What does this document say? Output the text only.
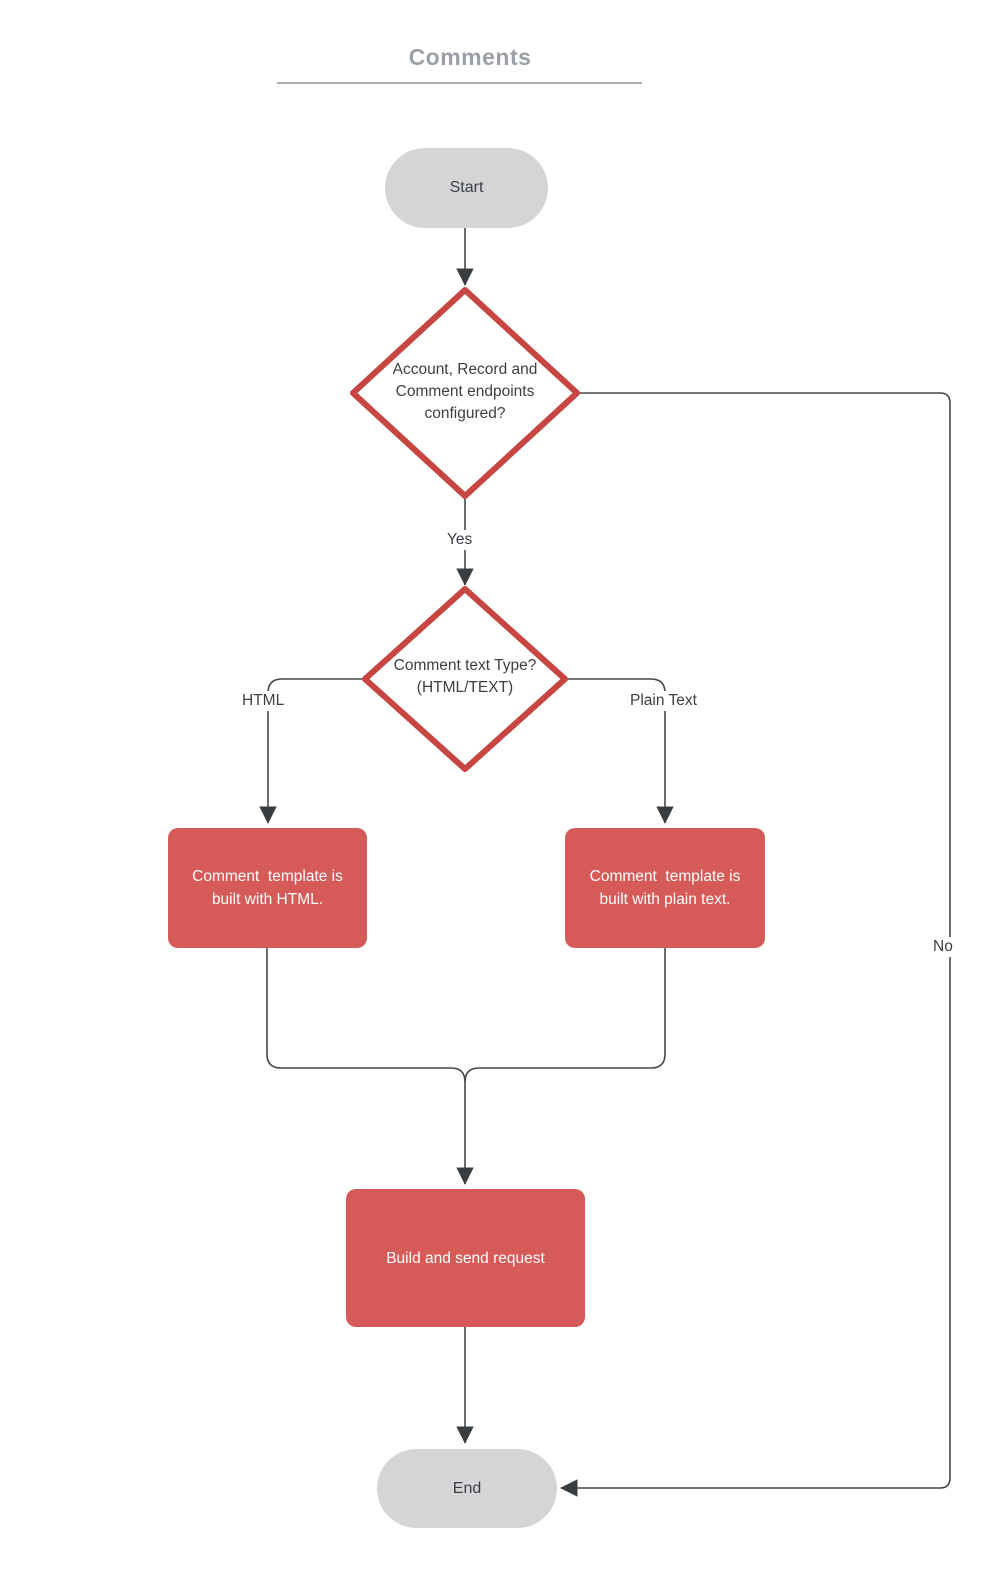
Comments
Start
Account, Record and Comment endpoints configured?
Comment text Type? (HTML/TEXT)
Yes
No
HTML	Plain Text
Comment  template is built with HTML.
Comment  template is built with plain text.
Build and send request
End
